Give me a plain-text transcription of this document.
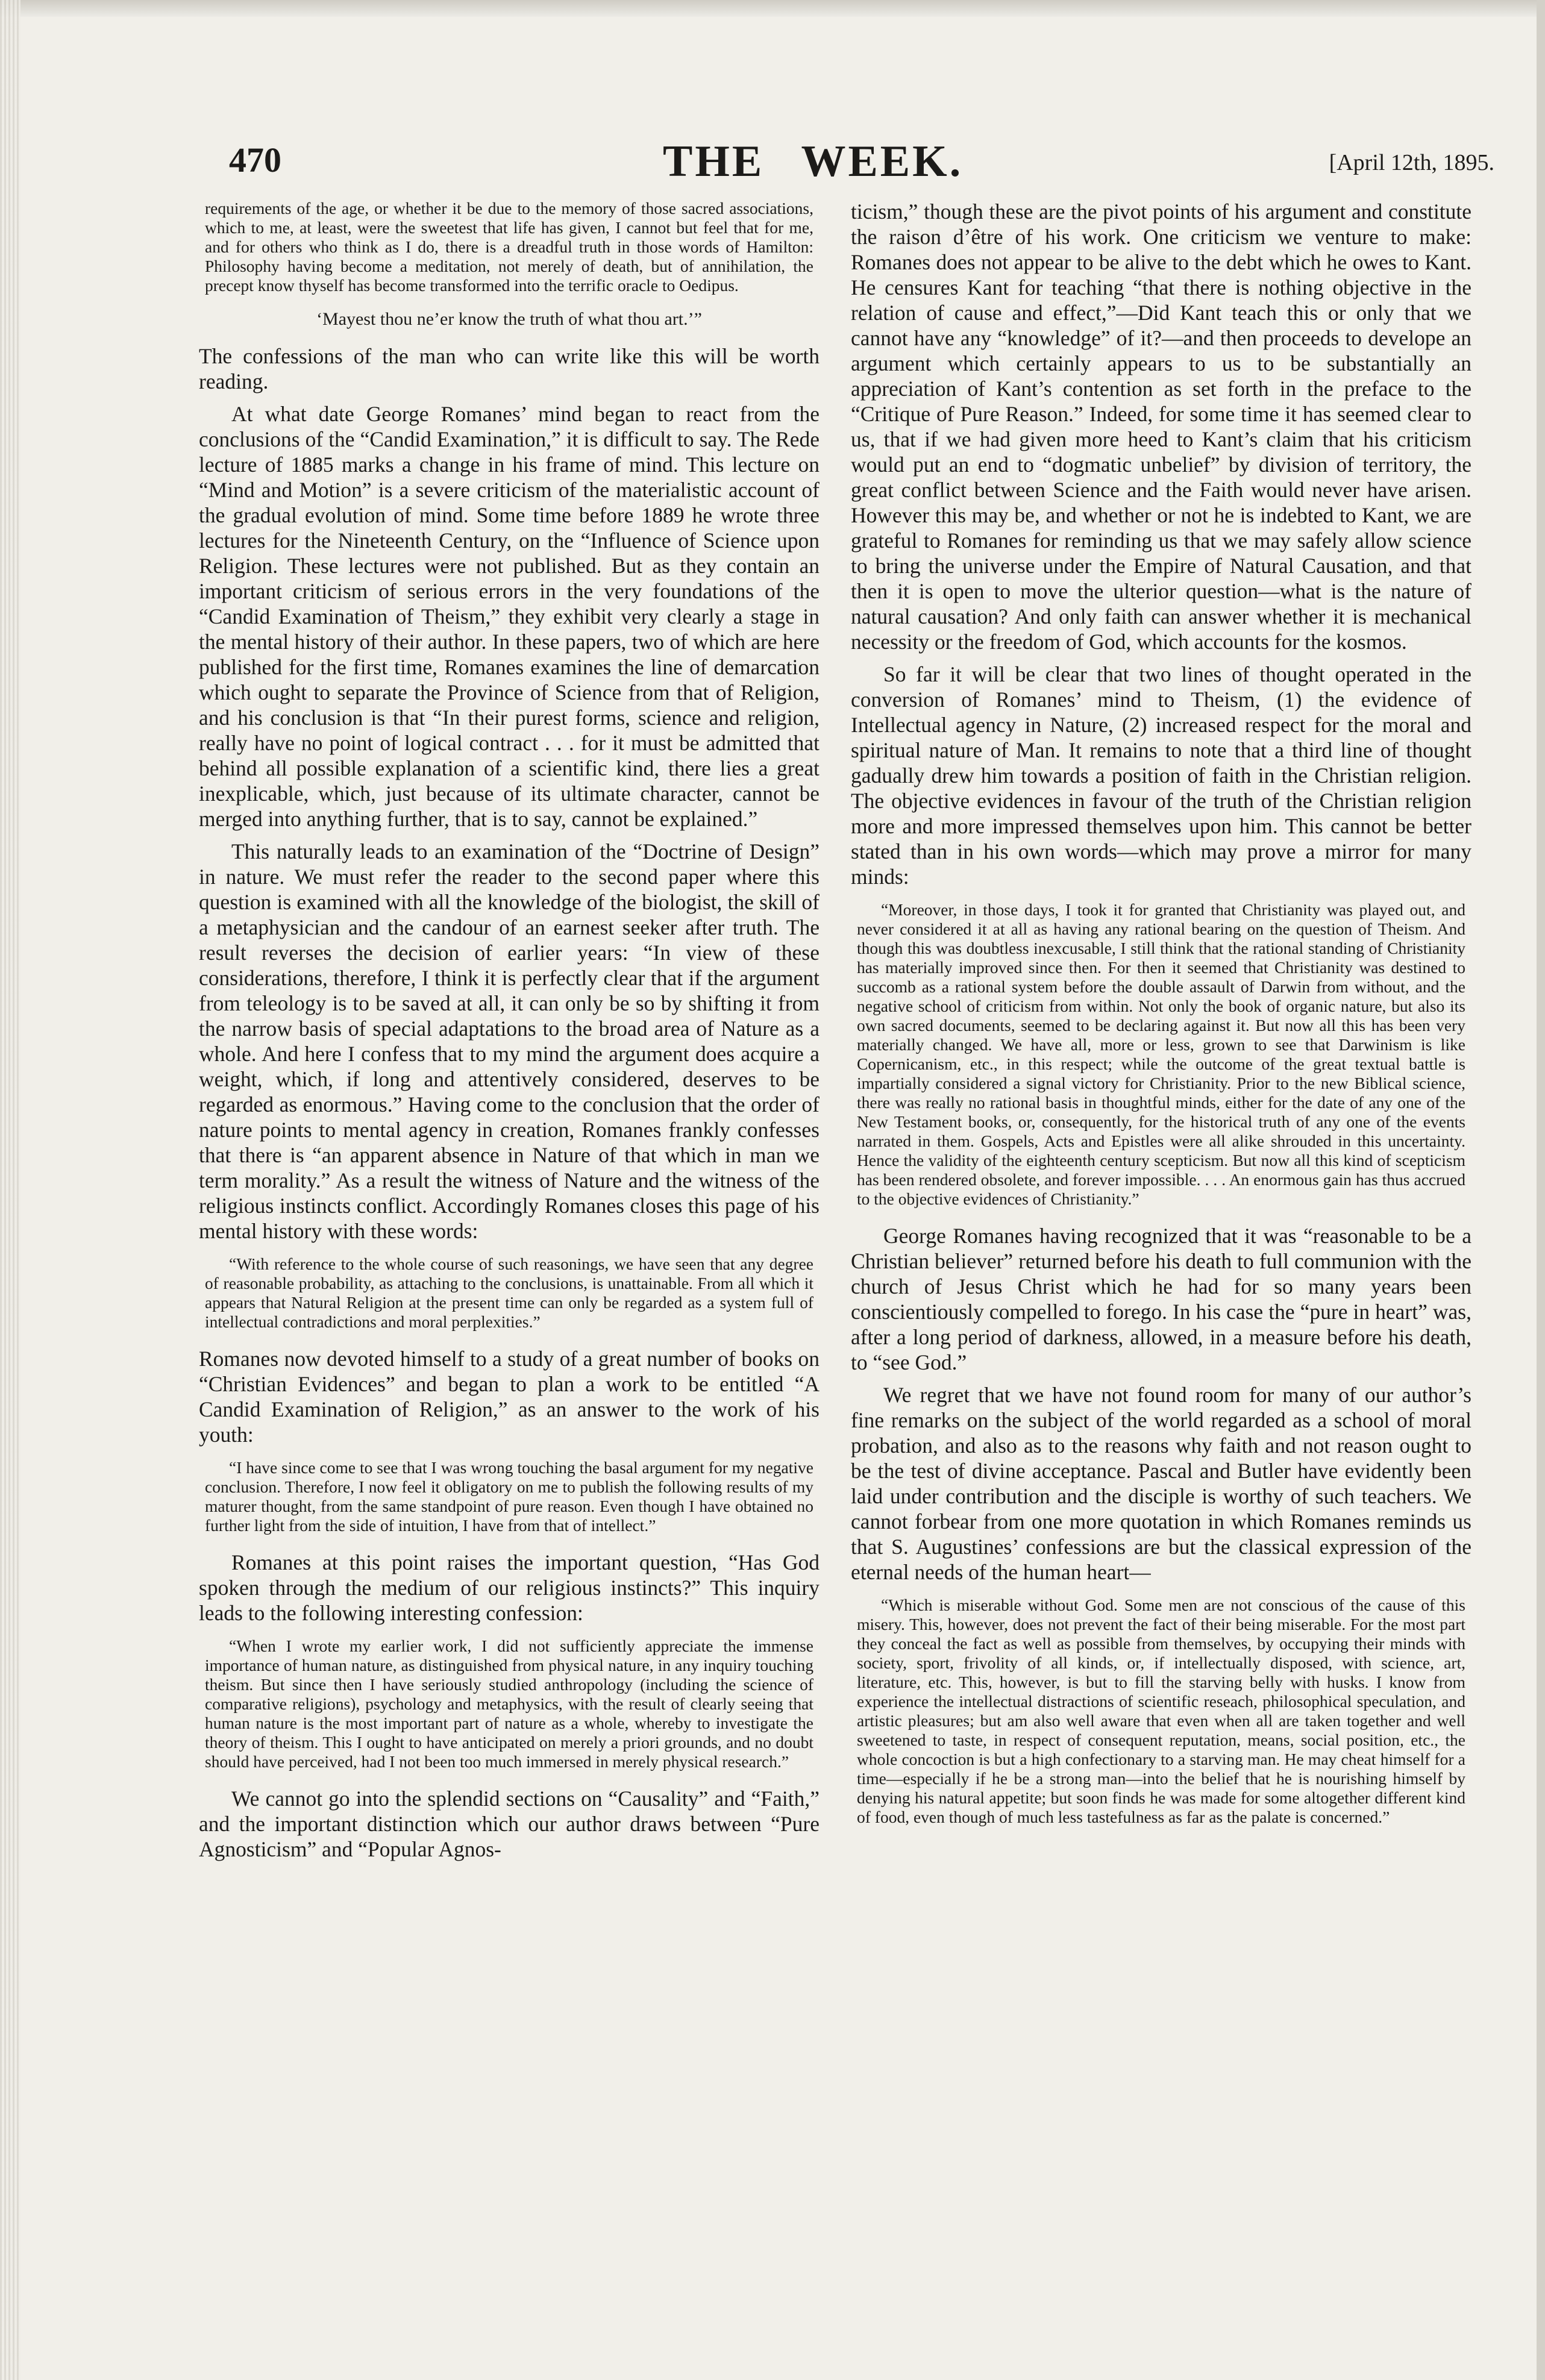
470	THE WEEK.	[April 12th, 1895.

requirements of the age, or whether it be due to the memory of those sacred associations, which to me, at least, were the sweetest that life has given, I cannot but feel that for me, and for others who think as I do, there is a dreadful truth in those words of Hamilton: Philosophy having become a meditation, not merely of death, but of annihilation, the precept know thyself has become transformed into the terrific oracle to Oedipus.

‘Mayest thou ne’er know the truth of what thou art.’”

The confessions of the man who can write like this will be worth reading.

At what date George Romanes’ mind began to react from the conclusions of the “Candid Examination,” it is difficult to say. The Rede lecture of 1885 marks a change in his frame of mind. This lecture on “Mind and Motion” is a severe criticism of the materialistic account of the gradual evolution of mind. Some time before 1889 he wrote three lectures for the Nineteenth Century, on the “Influence of Science upon Religion. These lectures were not published. But as they contain an important criticism of serious errors in the very foundations of the “Candid Examination of Theism,” they exhibit very clearly a stage in the mental history of their author. In these papers, two of which are here published for the first time, Romanes examines the line of demarcation which ought to separate the Province of Science from that of Religion, and his conclusion is that “In their purest forms, science and religion, really have no point of logical contract . . . for it must be admitted that behind all possible explanation of a scientific kind, there lies a great inexplicable, which, just because of its ultimate character, cannot be merged into anything further, that is to say, cannot be explained.”

This naturally leads to an examination of the “Doctrine of Design” in nature. We must refer the reader to the second paper where this question is examined with all the knowledge of the biologist, the skill of a metaphysician and the candour of an earnest seeker after truth. The result reverses the decision of earlier years: “In view of these considerations, therefore, I think it is perfectly clear that if the argument from teleology is to be saved at all, it can only be so by shifting it from the narrow basis of special adaptations to the broad area of Nature as a whole. And here I confess that to my mind the argument does acquire a weight, which, if long and attentively considered, deserves to be regarded as enormous.” Having come to the conclusion that the order of nature points to mental agency in creation, Romanes frankly confesses that there is “an apparent absence in Nature of that which in man we term morality.” As a result the witness of Nature and the witness of the religious instincts conflict. Accordingly Romanes closes this page of his mental history with these words:

“With reference to the whole course of such reasonings, we have seen that any degree of reasonable probability, as attaching to the conclusions, is unattainable. From all which it appears that Natural Religion at the present time can only be regarded as a system full of intellectual contradictions and moral perplexities.”

Romanes now devoted himself to a study of a great number of books on “Christian Evidences” and began to plan a work to be entitled “A Candid Examination of Religion,” as an answer to the work of his youth:

“I have since come to see that I was wrong touching the basal argument for my negative conclusion. Therefore, I now feel it obligatory on me to publish the following results of my maturer thought, from the same standpoint of pure reason. Even though I have obtained no further light from the side of intuition, I have from that of intellect.”

Romanes at this point raises the important question, “Has God spoken through the medium of our religious instincts?” This inquiry leads to the following interesting confession:

“When I wrote my earlier work, I did not sufficiently appreciate the immense importance of human nature, as distinguished from physical nature, in any inquiry touching theism. But since then I have seriously studied anthropology (including the science of comparative religions), psychology and metaphysics, with the result of clearly seeing that human nature is the most important part of nature as a whole, whereby to investigate the theory of theism. This I ought to have anticipated on merely a priori grounds, and no doubt should have perceived, had I not been too much immersed in merely physical research.”

We cannot go into the splendid sections on “Causality” and “Faith,” and the important distinction which our author draws between “Pure Agnosticism” and “Popular Agnos-

ticism,” though these are the pivot points of his argument and constitute the raison d’être of his work. One criticism we venture to make: Romanes does not appear to be alive to the debt which he owes to Kant. He censures Kant for teaching “that there is nothing objective in the relation of cause and effect,”—Did Kant teach this or only that we cannot have any “knowledge” of it?—and then proceeds to develope an argument which certainly appears to us to be substantially an appreciation of Kant’s contention as set forth in the preface to the “Critique of Pure Reason.” Indeed, for some time it has seemed clear to us, that if we had given more heed to Kant’s claim that his criticism would put an end to “dogmatic unbelief” by division of territory, the great conflict between Science and the Faith would never have arisen. However this may be, and whether or not he is indebted to Kant, we are grateful to Romanes for reminding us that we may safely allow science to bring the universe under the Empire of Natural Causation, and that then it is open to move the ulterior question—what is the nature of natural causation? And only faith can answer whether it is mechanical necessity or the freedom of God, which accounts for the kosmos.

So far it will be clear that two lines of thought operated in the conversion of Romanes’ mind to Theism, (1) the evidence of Intellectual agency in Nature, (2) increased respect for the moral and spiritual nature of Man. It remains to note that a third line of thought gadually drew him towards a position of faith in the Christian religion. The objective evidences in favour of the truth of the Christian religion more and more impressed themselves upon him. This cannot be better stated than in his own words—which may prove a mirror for many minds:

“Moreover, in those days, I took it for granted that Christianity was played out, and never considered it at all as having any rational bearing on the question of Theism. And though this was doubtless inexcusable, I still think that the rational standing of Christianity has materially improved since then. For then it seemed that Christianity was destined to succomb as a rational system before the double assault of Darwin from without, and the negative school of criticism from within. Not only the book of organic nature, but also its own sacred documents, seemed to be declaring against it. But now all this has been very materially changed. We have all, more or less, grown to see that Darwinism is like Copernicanism, etc., in this respect; while the outcome of the great textual battle is impartially considered a signal victory for Christianity. Prior to the new Biblical science, there was really no rational basis in thoughtful minds, either for the date of any one of the New Testament books, or, consequently, for the historical truth of any one of the events narrated in them. Gospels, Acts and Epistles were all alike shrouded in this uncertainty. Hence the validity of the eighteenth century scepticism. But now all this kind of scepticism has been rendered obsolete, and forever impossible. . . . An enormous gain has thus accrued to the objective evidences of Christianity.”

George Romanes having recognized that it was “reasonable to be a Christian believer” returned before his death to full communion with the church of Jesus Christ which he had for so many years been conscientiously compelled to forego. In his case the “pure in heart” was, after a long period of darkness, allowed, in a measure before his death, to “see God.”

We regret that we have not found room for many of our author’s fine remarks on the subject of the world regarded as a school of moral probation, and also as to the reasons why faith and not reason ought to be the test of divine acceptance. Pascal and Butler have evidently been laid under contribution and the disciple is worthy of such teachers. We cannot forbear from one more quotation in which Romanes reminds us that S. Augustines’ confessions are but the classical expression of the eternal needs of the human heart—

“Which is miserable without God. Some men are not conscious of the cause of this misery. This, however, does not prevent the fact of their being miserable. For the most part they conceal the fact as well as possible from themselves, by occupying their minds with society, sport, frivolity of all kinds, or, if intellectually disposed, with science, art, literature, etc. This, however, is but to fill the starving belly with husks. I know from experience the intellectual distractions of scientific reseach, philosophical speculation, and artistic pleasures; but am also well aware that even when all are taken together and well sweetened to taste, in respect of consequent reputation, means, social position, etc., the whole concoction is but a high confectionary to a starving man. He may cheat himself for a time—especially if he be a strong man—into the belief that he is nourishing himself by denying his natural appetite; but soon finds he was made for some altogether different kind of food, even though of much less tastefulness as far as the palate is concerned.”
